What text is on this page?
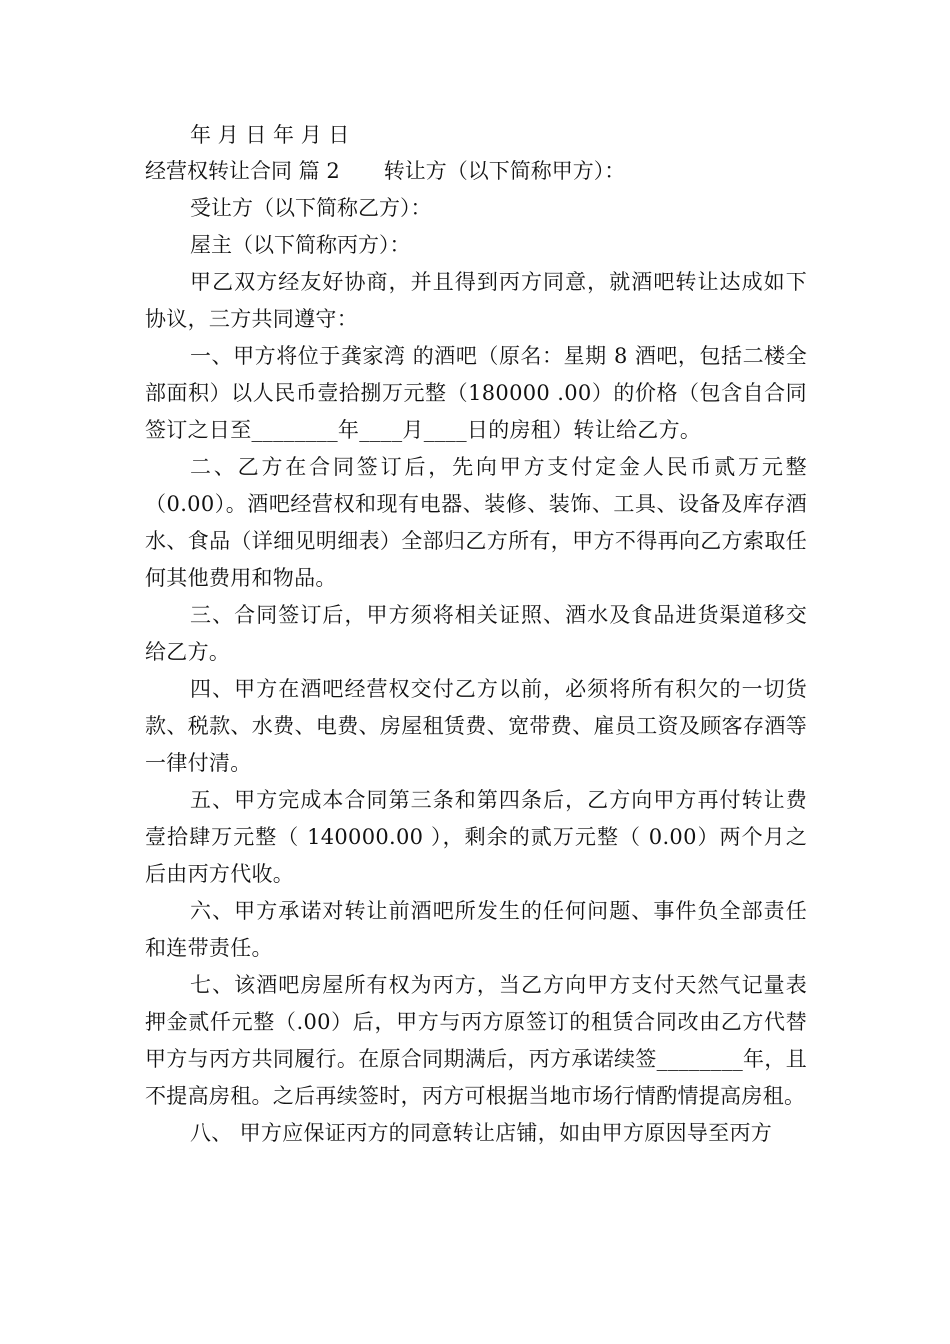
年 月 日 年 月 日

经营权转让合同 篇 2 转让方（以下简称甲方）：

受让方（以下简称乙方）：

屋主（以下简称丙方）：

甲乙双方经友好协商，并且得到丙方同意，就酒吧转让达成如下协议，三方共同遵守：

一、甲方将位于龚家湾 的酒吧（原名：星期 8 酒吧，包括二楼全部面积）以人民币壹拾捌万元整（180000 .00）的价格（包含自合同签订之日至________年____月____日的房租）转让给乙方。

二、乙方在合同签订后，先向甲方支付定金人民币贰万元整（0.00）。酒吧经营权和现有电器、装修、装饰、工具、设备及库存酒水、食品（详细见明细表）全部归乙方所有，甲方不得再向乙方索取任何其他费用和物品。

三、合同签订后，甲方须将相关证照、酒水及食品进货渠道移交给乙方。

四、甲方在酒吧经营权交付乙方以前，必须将所有积欠的一切货款、税款、水费、电费、房屋租赁费、宽带费、雇员工资及顾客存酒等一律付清。

五、甲方完成本合同第三条和第四条后，乙方向甲方再付转让费壹拾肆万元整（ 140000.00 ），剩余的贰万元整（ 0.00）两个月之后由丙方代收。

六、甲方承诺对转让前酒吧所发生的任何问题、事件负全部责任和连带责任。

七、该酒吧房屋所有权为丙方，当乙方向甲方支付天然气记量表押金贰仟元整（.00）后，甲方与丙方原签订的租赁合同改由乙方代替甲方与丙方共同履行。在原合同期满后，丙方承诺续签________年，且不提高房租。之后再续签时，丙方可根据当地市场行情酌情提高房租。

八、 甲方应保证丙方的同意转让店铺，如由甲方原因导至丙方
